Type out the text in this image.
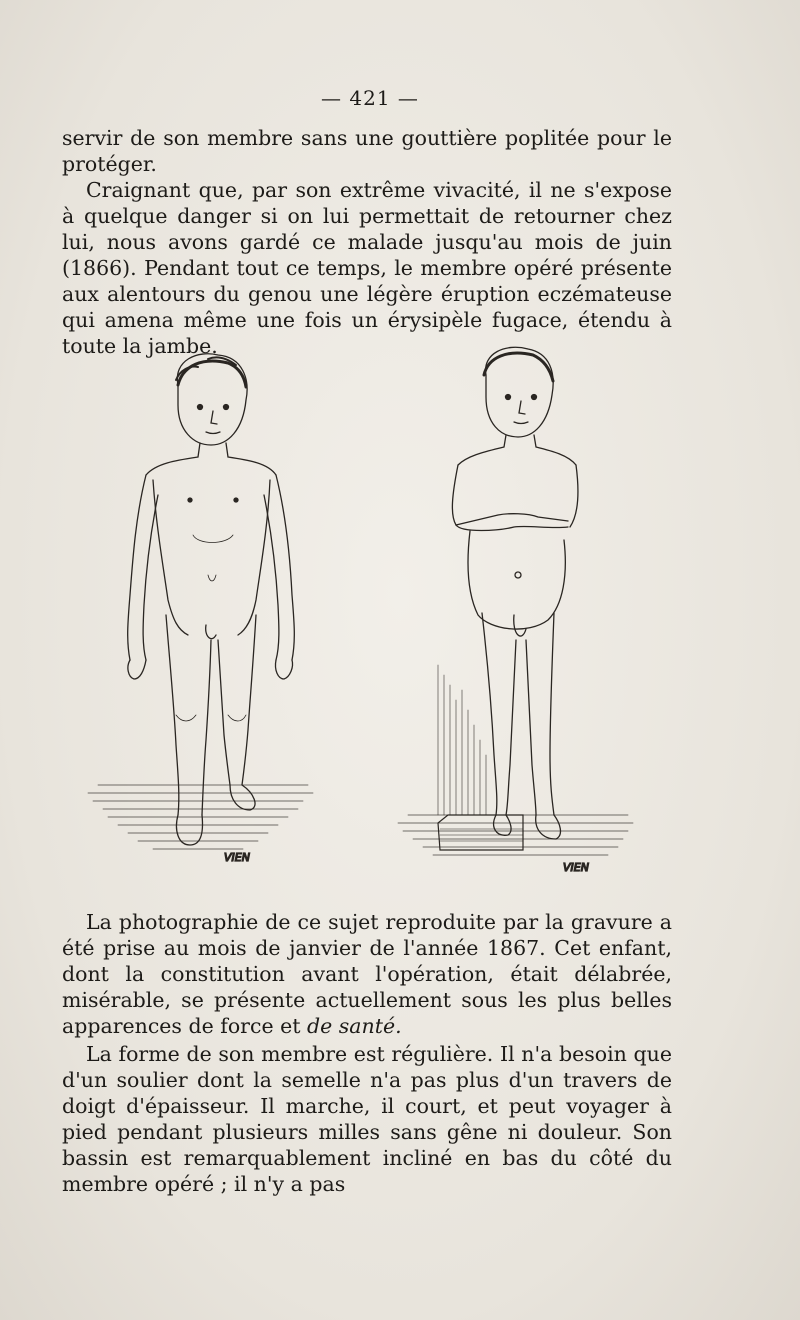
— 421 —
servir de son membre sans une gouttière poplitée pour le protéger.
Craignant que, par son extrême vivacité, il ne s'expose à quelque danger si on lui permettait de retourner chez lui, nous avons gardé ce malade jusqu'au mois de juin (1866). Pendant tout ce temps, le membre opéré présente aux alentours du genou une légère éruption eczémateuse qui amena même une fois un érysipèle fugace, étendu à toute la jambe.
VIEN
VIEN
La photographie de ce sujet reproduite par la gravure a été prise au mois de janvier de l'année 1867. Cet enfant, dont la constitution avant l'opération, était délabrée, misérable, se présente actuellement sous les plus belles apparences de force et de santé.
La forme de son membre est régulière. Il n'a besoin que d'un soulier dont la semelle n'a pas plus d'un travers de doigt d'épaisseur. Il marche, il court, et peut voyager à pied pendant plusieurs milles sans gêne ni douleur. Son bassin est remarquablement incliné en bas du côté du membre opéré ; il n'y a pas
